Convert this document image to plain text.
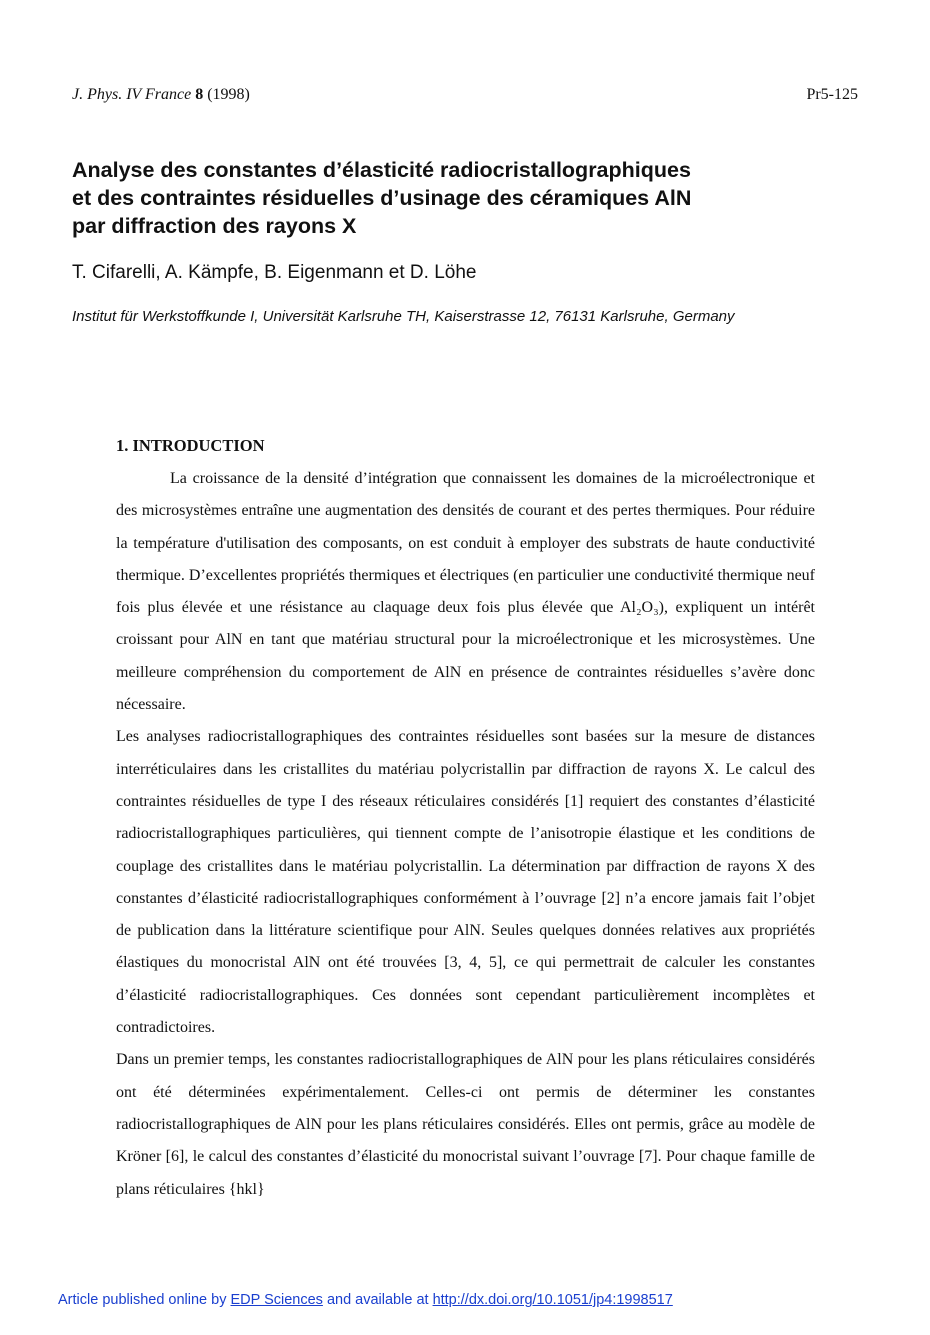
J. Phys. IV France 8 (1998)	Pr5-125
Analyse des constantes d’élasticité radiocristallographiques
et des contraintes résiduelles d’usinage des céramiques AlN
par diffraction des rayons X
T. Cifarelli, A. Kämpfe, B. Eigenmann et D. Löhe
Institut für Werkstoffkunde I, Universität Karlsruhe TH, Kaiserstrasse 12, 76131 Karlsruhe, Germany
1. INTRODUCTION

La croissance de la densité d’intégration que connaissent les domaines de la microélectronique et des microsystèmes entraîne une augmentation des densités de courant et des pertes thermiques. Pour réduire la température d'utilisation des composants, on est conduit à employer des substrats de haute conductivité thermique. D’excellentes propriétés thermiques et électriques (en particulier une conductivité thermique neuf fois plus élevée et une résistance au claquage deux fois plus élevée que Al₂O₃), expliquent un intérêt croissant pour AlN en tant que matériau structural pour la microélectronique et les microsystèmes. Une meilleure compréhension du comportement de AlN en présence de contraintes résiduelles s’avère donc nécessaire.

Les analyses radiocristallographiques des contraintes résiduelles sont basées sur la mesure de distances interréticulaires dans les cristallites du matériau polycristallin par diffraction de rayons X. Le calcul des contraintes résiduelles de type I des réseaux réticulaires considérés [1] requiert des constantes d’élasticité radiocristallographiques particulières, qui tiennent compte de l’anisotropie élastique et les conditions de couplage des cristallites dans le matériau polycristallin. La détermination par diffraction de rayons X des constantes d’élasticité radiocristallographiques conformément à l’ouvrage [2] n’a encore jamais fait l’objet de publication dans la littérature scientifique pour AlN. Seules quelques données relatives aux propriétés élastiques du monocristal AlN ont été trouvées [3, 4, 5], ce qui permettrait de calculer les constantes d’élasticité radiocristallographiques. Ces données sont cependant particulièrement incomplètes et contradictoires.

Dans un premier temps, les constantes radiocristallographiques de AlN pour les plans réticulaires considérés ont été déterminées expérimentalement. Celles-ci ont permis de déterminer les constantes radiocristallographiques de AlN pour les plans réticulaires considérés. Elles ont permis, grâce au modèle de Kröner [6], le calcul des constantes d’élasticité du monocristal suivant l’ouvrage [7]. Pour chaque famille de plans réticulaires {hkl}

Article published online by EDP Sciences and available at http://dx.doi.org/10.1051/jp4:1998517
